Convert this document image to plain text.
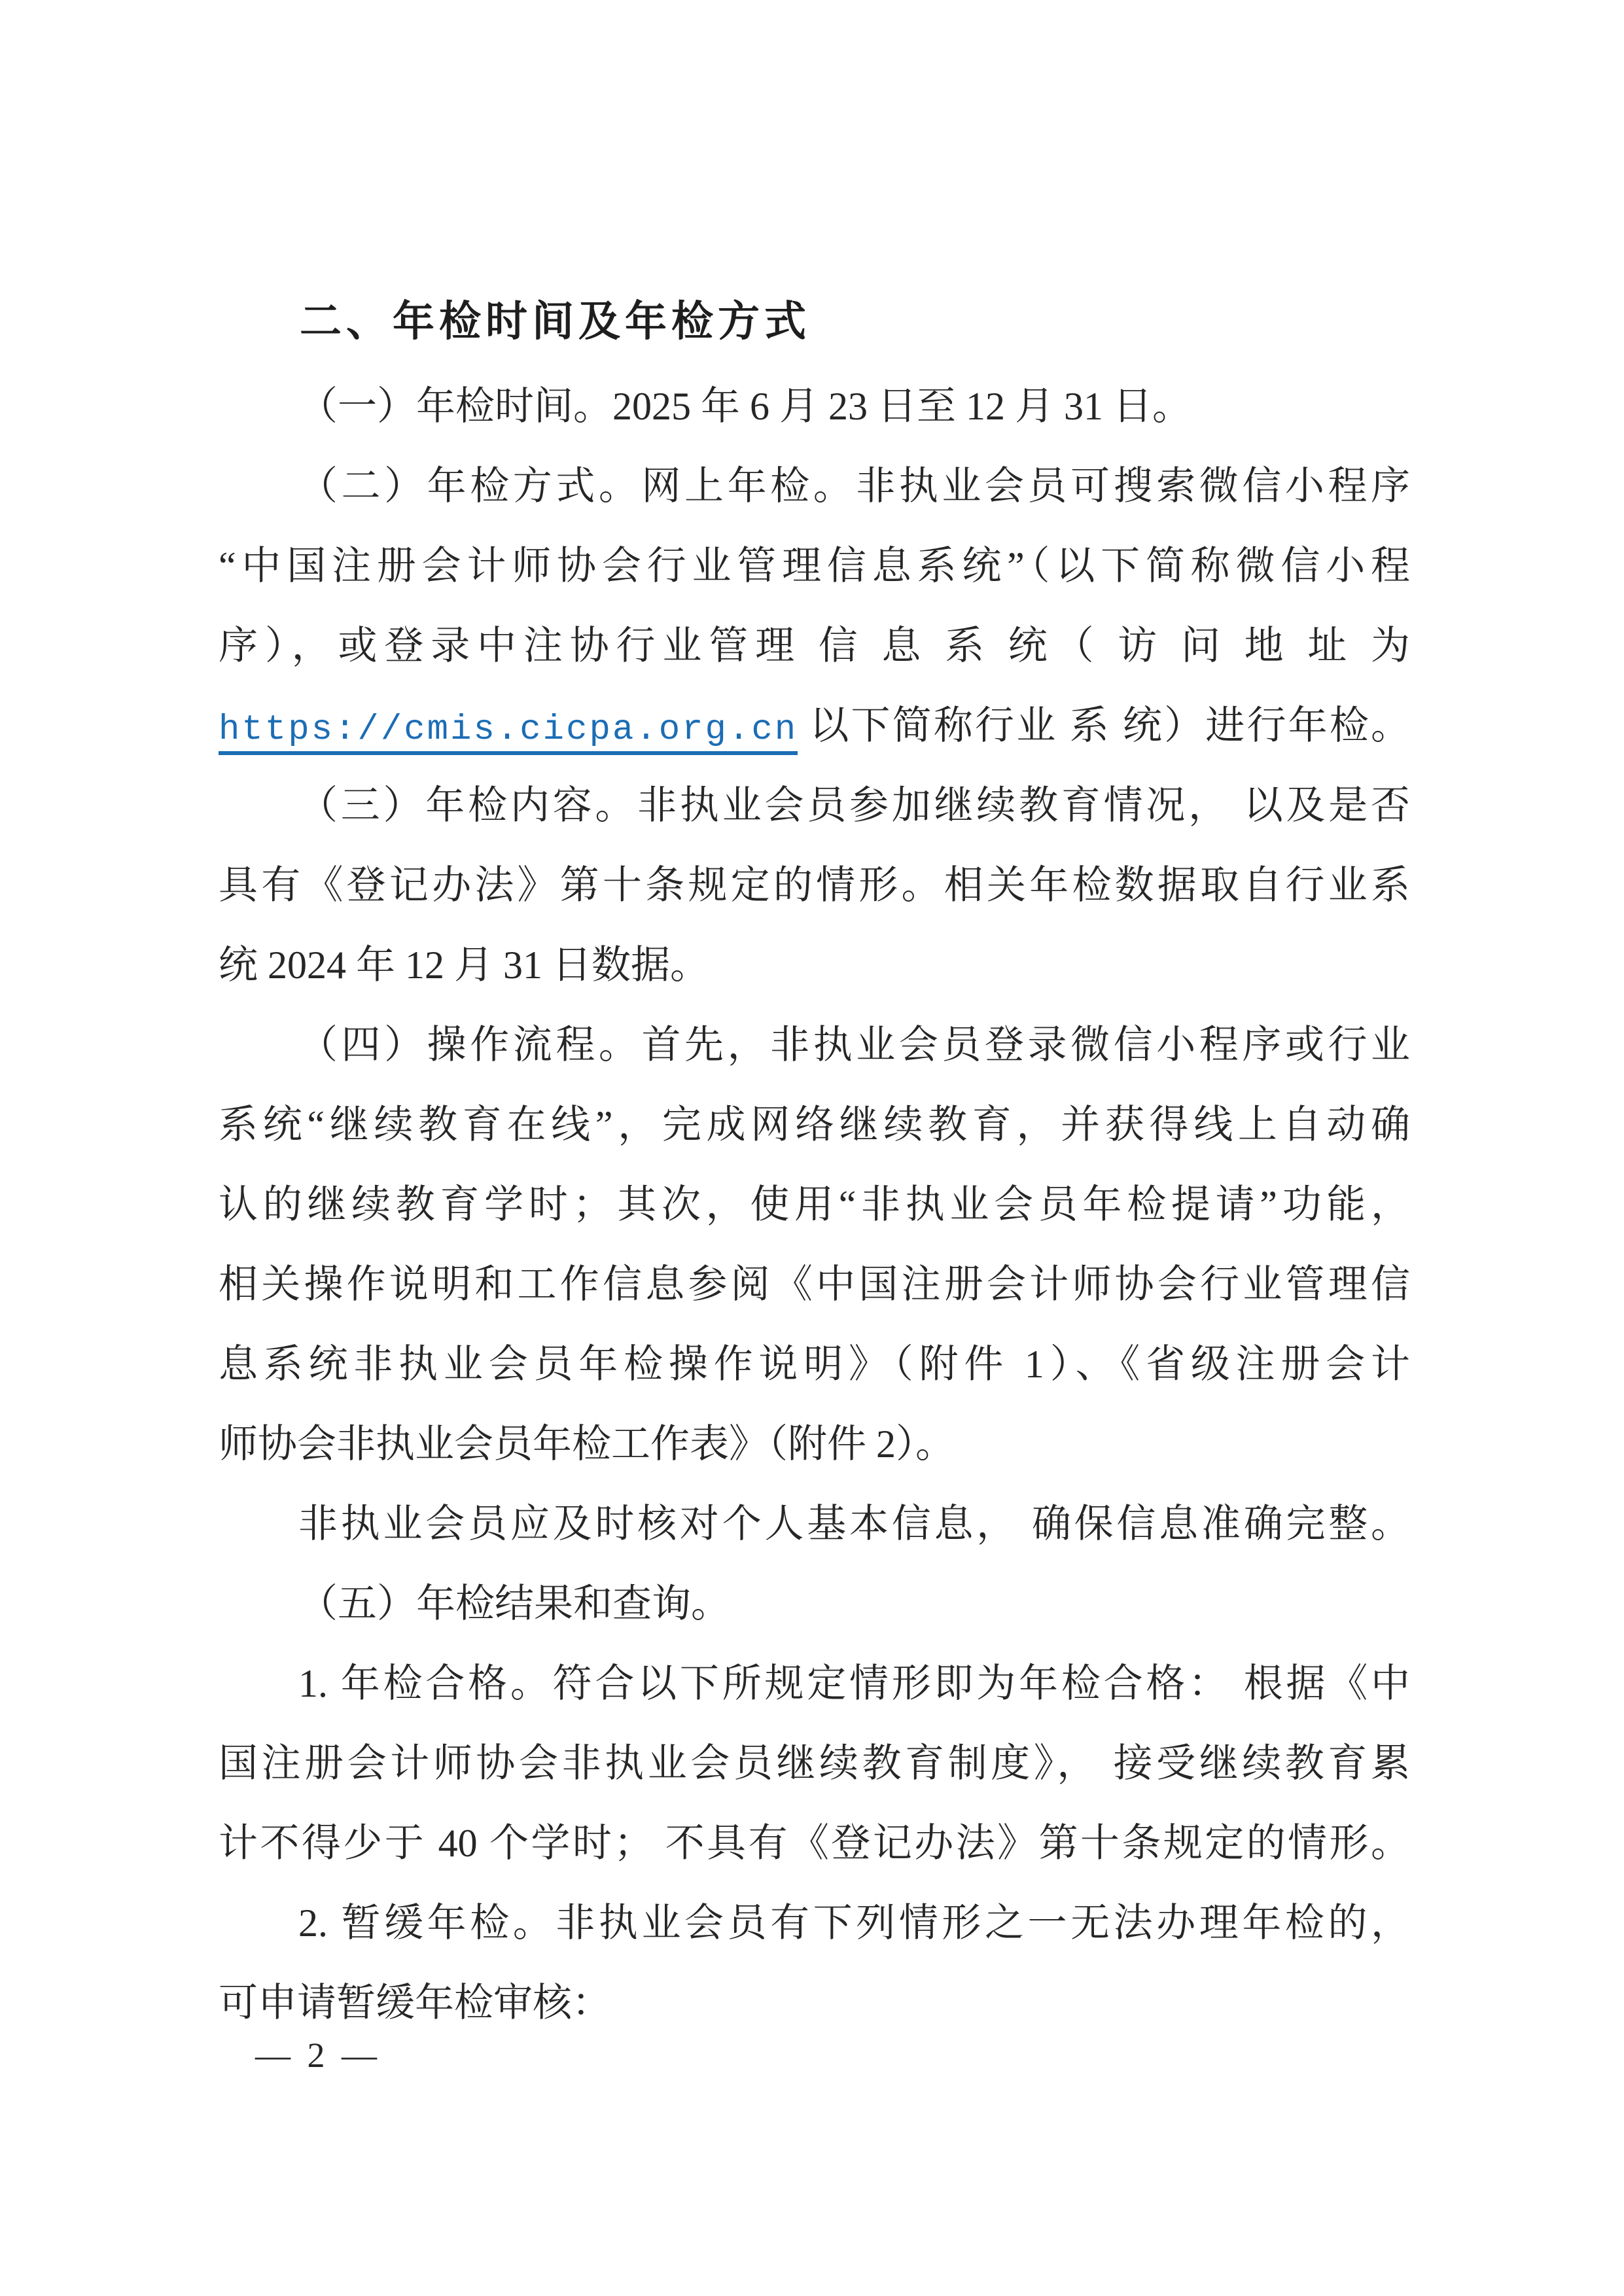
二、年检时间及年检方式
（一）年检时间。2025 年 6 月 23 日至 12 月 31 日。
（二）年检方式。网上年检。非执业会员可搜索微信小程序
“中国注册会计师协会行业管理信息系统”（以下简称微信小程
序），或登录中注协行业管理 信 息 系 统（ 访 问 地 址 为
https://cmis.cicpa.org.cn 以下简称行业 系 统）进行年检。
（三）年检内容。非执业会员参加继续教育情况， 以及是否
具有《登记办法》第十条规定的情形。相关年检数据取自行业系
统 2024 年 12 月 31 日数据。
（四）操作流程。首先，非执业会员登录微信小程序或行业
系统“继续教育在线”，完成网络继续教育，并获得线上自动确
认的继续教育学时；其次，使用“非执业会员年检提请”功能，
相关操作说明和工作信息参阅《中国注册会计师协会行业管理信
息系统非执业会员年检操作说明》（附件 1）、《省级注册会计
师协会非执业会员年检工作表》（附件 2）。
非执业会员应及时核对个人基本信息， 确保信息准确完整。
（五）年检结果和查询。
1. 年检合格。符合以下所规定情形即为年检合格： 根据《中
国注册会计师协会非执业会员继续教育制度》， 接受继续教育累
计不得少于 40 个学时； 不具有《登记办法》第十条规定的情形。
2. 暂缓年检。非执业会员有下列情形之一无法办理年检的，
可申请暂缓年检审核：
— 2 —
